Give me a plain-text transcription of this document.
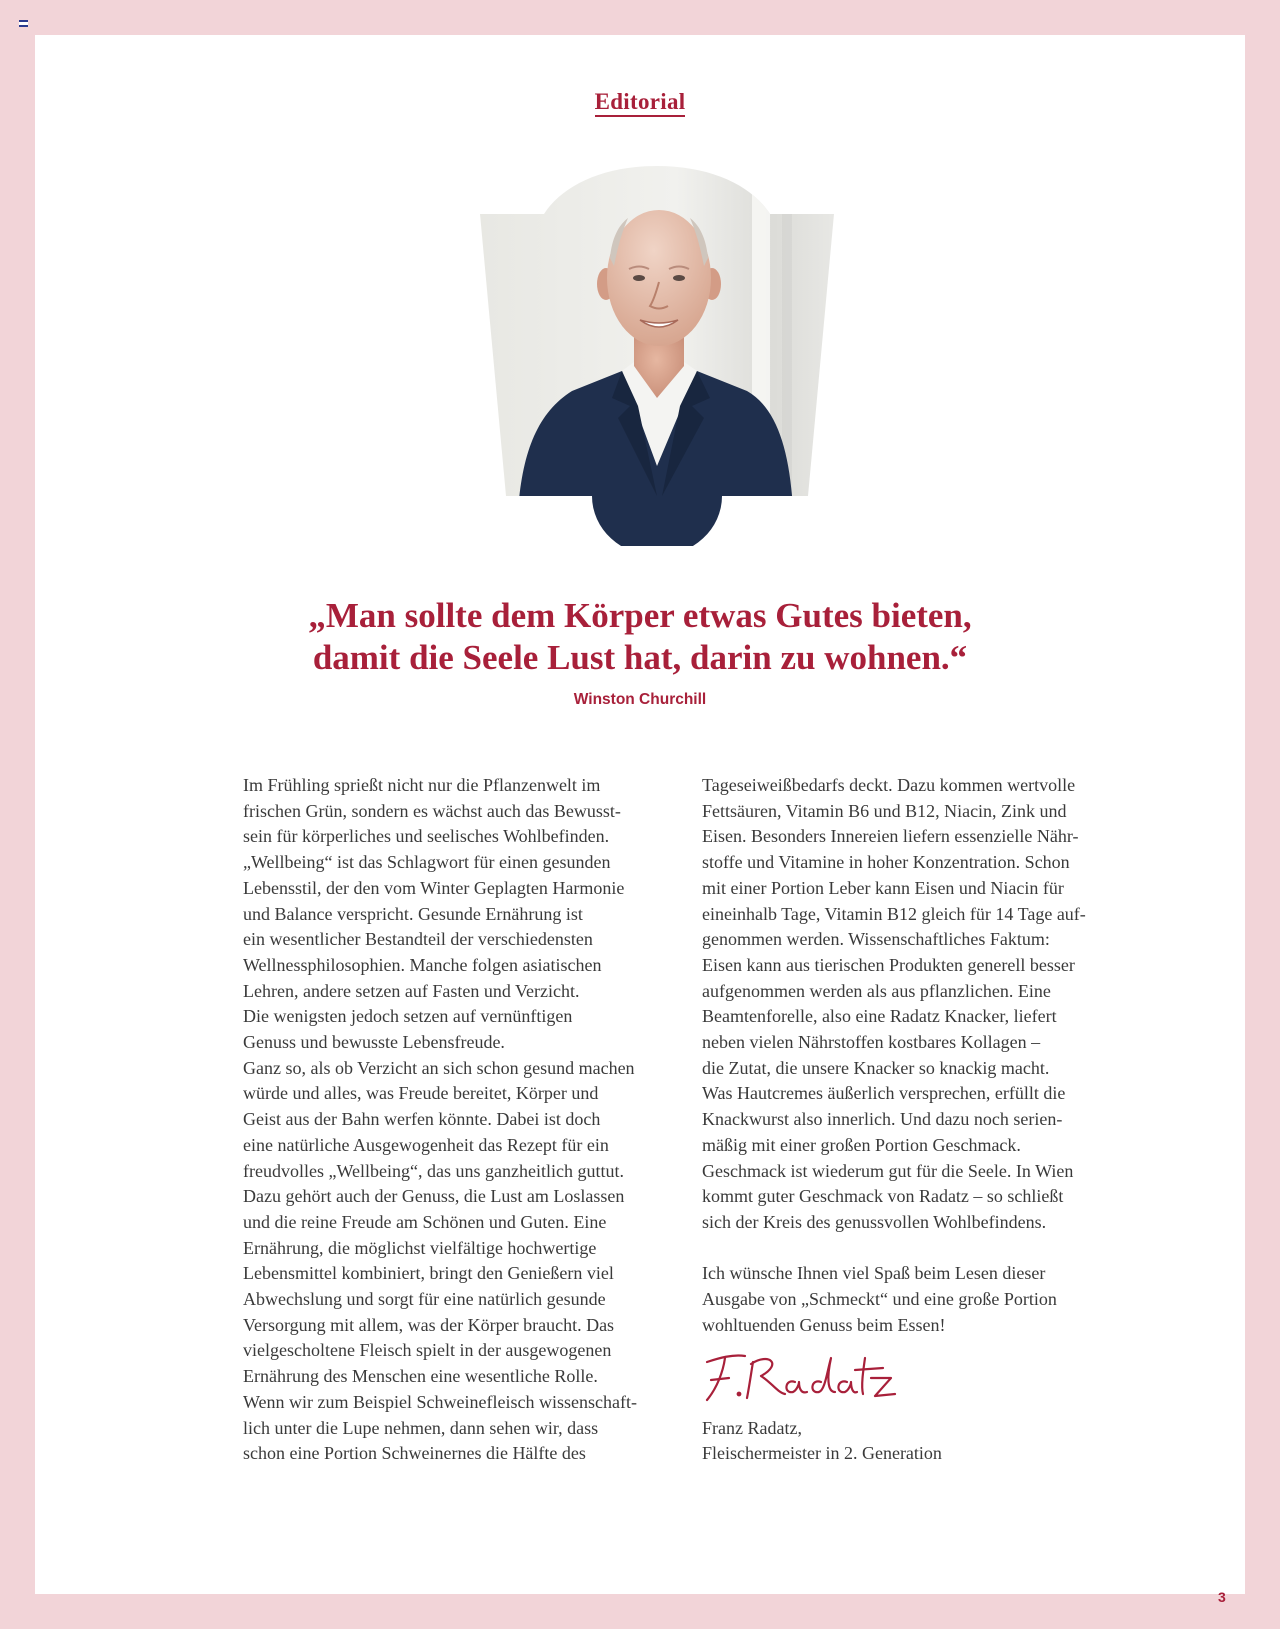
Editorial
„Man sollte dem Körper etwas Gutes bieten,
damit die Seele Lust hat, darin zu wohnen.“
Winston Churchill
Im Frühling sprießt nicht nur die Pflanzenwelt im
frischen Grün, sondern es wächst auch das Bewusst-
sein für körperliches und seelisches Wohlbefinden.
„Wellbeing“ ist das Schlagwort für einen gesunden
Lebensstil, der den vom Winter Geplagten Harmonie
und Balance verspricht. Gesunde Ernährung ist
ein wesentlicher Bestandteil der verschiedensten
Wellnessphilosophien. Manche folgen asiatischen
Lehren, andere setzen auf Fasten und Verzicht.
Die wenigsten jedoch setzen auf vernünftigen
Genuss und bewusste Lebensfreude.
Ganz so, als ob Verzicht an sich schon gesund machen
würde und alles, was Freude bereitet, Körper und
Geist aus der Bahn werfen könnte. Dabei ist doch
eine natürliche Ausgewogenheit das Rezept für ein
freudvolles „Wellbeing“, das uns ganzheitlich guttut.
Dazu gehört auch der Genuss, die Lust am Loslassen
und die reine Freude am Schönen und Guten. Eine
Ernährung, die möglichst vielfältige hochwertige
Lebensmittel kombiniert, bringt den Genießern viel
Abwechslung und sorgt für eine natürlich gesunde
Versorgung mit allem, was der Körper braucht. Das
vielgescholtene Fleisch spielt in der ausgewogenen
Ernährung des Menschen eine wesentliche Rolle.
Wenn wir zum Beispiel Schweinefleisch wissenschaft-
lich unter die Lupe nehmen, dann sehen wir, dass
schon eine Portion Schweinernes die Hälfte des
Tageseiweißbedarfs deckt. Dazu kommen wertvolle
Fettsäuren, Vitamin B6 und B12, Niacin, Zink und
Eisen. Besonders Innereien liefern essenzielle Nähr-
stoffe und Vitamine in hoher Konzentration. Schon
mit einer Portion Leber kann Eisen und Niacin für
eineinhalb Tage, Vitamin B12 gleich für 14 Tage auf-
genommen werden. Wissenschaftliches Faktum:
Eisen kann aus tierischen Produkten generell besser
aufgenommen werden als aus pflanzlichen. Eine
Beamtenforelle, also eine Radatz Knacker, liefert
neben vielen Nährstoffen kostbares Kollagen –
die Zutat, die unsere Knacker so knackig macht.
Was Hautcremes äußerlich versprechen, erfüllt die
Knackwurst also innerlich. Und dazu noch serien-
mäßig mit einer großen Portion Geschmack.
Geschmack ist wiederum gut für die Seele. In Wien
kommt guter Geschmack von Radatz – so schließt
sich der Kreis des genussvollen Wohlbefindens.
Ich wünsche Ihnen viel Spaß beim Lesen dieser
Ausgabe von „Schmeckt“ und eine große Portion
wohltuenden Genuss beim Essen!
Franz Radatz,
Fleischermeister in 2. Generation
3
